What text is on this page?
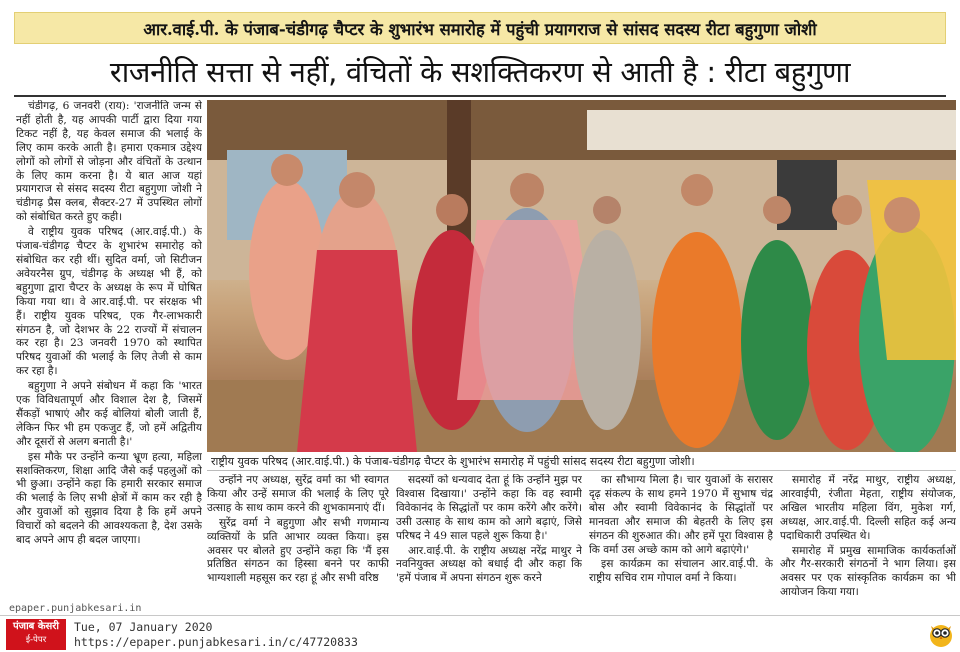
आर.वाई.पी. के पंजाब-चंडीगढ़ चैप्टर के शुभारंभ समारोह में पहुंची प्रयागराज से सांसद सदस्य रीटा बहुगुणा जोशी
राजनीति सत्ता से नहीं, वंचितों के सशक्तिकरण से आती है : रीटा बहुगुणा

चंडीगढ़, 6 जनवरी (राय): 'राजनीति जन्म से नहीं होती है, यह आपकी पार्टी द्वारा दिया गया टिकट नहीं है, यह केवल समाज की भलाई के लिए काम करके आती है। हमारा एकमात्र उद्देश्य लोगों को लोगों से जोड़ना और वंचितों के उत्थान के लिए काम करना है। ये बात आज यहां प्रयागराज से संसद सदस्य रीटा बहुगुणा जोशी ने चंडीगढ़ प्रैस क्लब, सैक्टर-27 में उपस्थित लोगों को संबोधित करते हुए कही।

वे राष्ट्रीय युवक परिषद (आर.वाई.पी.) के पंजाब-चंडीगढ़ चैप्टर के शुभारंभ समारोह को संबोधित कर रही थीं। सुदित वर्मा, जो सिटीजन अवेयरनैस ग्रुप, चंडीगढ़ के अध्यक्ष भी हैं, को बहुगुणा द्वारा चैप्टर के अध्यक्ष के रूप में घोषित किया गया था। वे आर.वाई.पी. पर संरक्षक भी हैं। राष्ट्रीय युवक परिषद, एक गैर-लाभकारी संगठन है, जो देशभर के 22 राज्यों में संचालन कर रहा है। 23 जनवरी 1970 को स्थापित परिषद युवाओं की भलाई के लिए तेजी से काम कर रहा है।

बहुगुणा ने अपने संबोधन में कहा कि 'भारत एक विविधतापूर्ण और विशाल देश है, जिसमें सैंकड़ों भाषाएं और कई बोलियां बोली जाती हैं, लेकिन फिर भी हम एकजुट हैं, जो हमें अद्वितीय और दूसरों से अलग बनाती है।'

इस मौके पर उन्होंने कन्या भ्रूण हत्या, महिला सशक्तिकरण, शिक्षा आदि जैसे कई पहलुओं को भी छुआ। उन्होंने कहा कि हमारी सरकार समाज की भलाई के लिए सभी क्षेत्रों में काम कर रही है और युवाओं को सुझाव दिया है कि हमें अपने विचारों को बदलने की आवश्यकता है, देश उसके बाद अपने आप ही बदल जाएगा।

राष्ट्रीय युवक परिषद (आर.वाई.पी.) के पंजाब-चंडीगढ़ चैप्टर के शुभारंभ समारोह में पहुंची सांसद सदस्य रीटा बहुगुणा जोशी।

उन्होंने नए अध्यक्ष, सुरेंद्र वर्मा का भी स्वागत किया और उन्हें समाज की भलाई के लिए पूरे उत्साह के साथ काम करने की शुभकामनाएं दीं।

सुरेंद्र वर्मा ने बहुगुणा और सभी गणमान्य व्यक्तियों के प्रति आभार व्यक्त किया। इस अवसर पर बोलते हुए उन्होंने कहा कि 'मैं इस प्रतिष्ठित संगठन का हिस्सा बनने पर काफी भाग्यशाली महसूस कर रहा हूं और सभी वरिष्ठ

सदस्यों को धन्यवाद देता हूं कि उन्होंने मुझ पर विश्वास दिखाया।' उन्होंने कहा कि वह स्वामी विवेकानंद के सिद्धांतों पर काम करेंगे और करेंगे। उसी उत्साह के साथ काम को आगे बढ़ाएं, जिसे परिषद ने 49 साल पहले शुरू किया है।'

आर.वाई.पी. के राष्ट्रीय अध्यक्ष नरेंद्र माथुर ने नवनियुक्त अध्यक्ष को बधाई दी और कहा कि 'हमें पंजाब में अपना संगठन शुरू करने

का सौभाग्य मिला है। चार युवाओं के सरासर दृढ़ संकल्प के साथ हमने 1970 में सुभाष चंद्र बोस और स्वामी विवेकानंद के सिद्धांतों पर मानवता और समाज की बेहतरी के लिए इस संगठन की शुरुआत की। और हमें पूरा विश्वास है कि वर्मा उस अच्छे काम को आगे बढ़ाएंगे।'

इस कार्यक्रम का संचालन आर.वाई.पी. के राष्ट्रीय सचिव राम गोपाल वर्मा ने किया।

समारोह में नरेंद्र माथुर, राष्ट्रीय अध्यक्ष, आरवाईपी, रंजीता मेहता, राष्ट्रीय संयोजक, अखिल भारतीय महिला विंग, मुकेश गर्ग, अध्यक्ष, आर.वाई.पी. दिल्ली सहित कई अन्य पदाधिकारी उपस्थित थे।

समारोह में प्रमुख सामाजिक कार्यकर्ताओं और गैर-सरकारी संगठनों ने भाग लिया। इस अवसर पर एक सांस्कृतिक कार्यक्रम का भी आयोजन किया गया।

epaper.punjabkesari.in
पंजाब केसरी
ई-पेपर
Tue, 07 January 2020
https://epaper.punjabkesari.in/c/47720833
